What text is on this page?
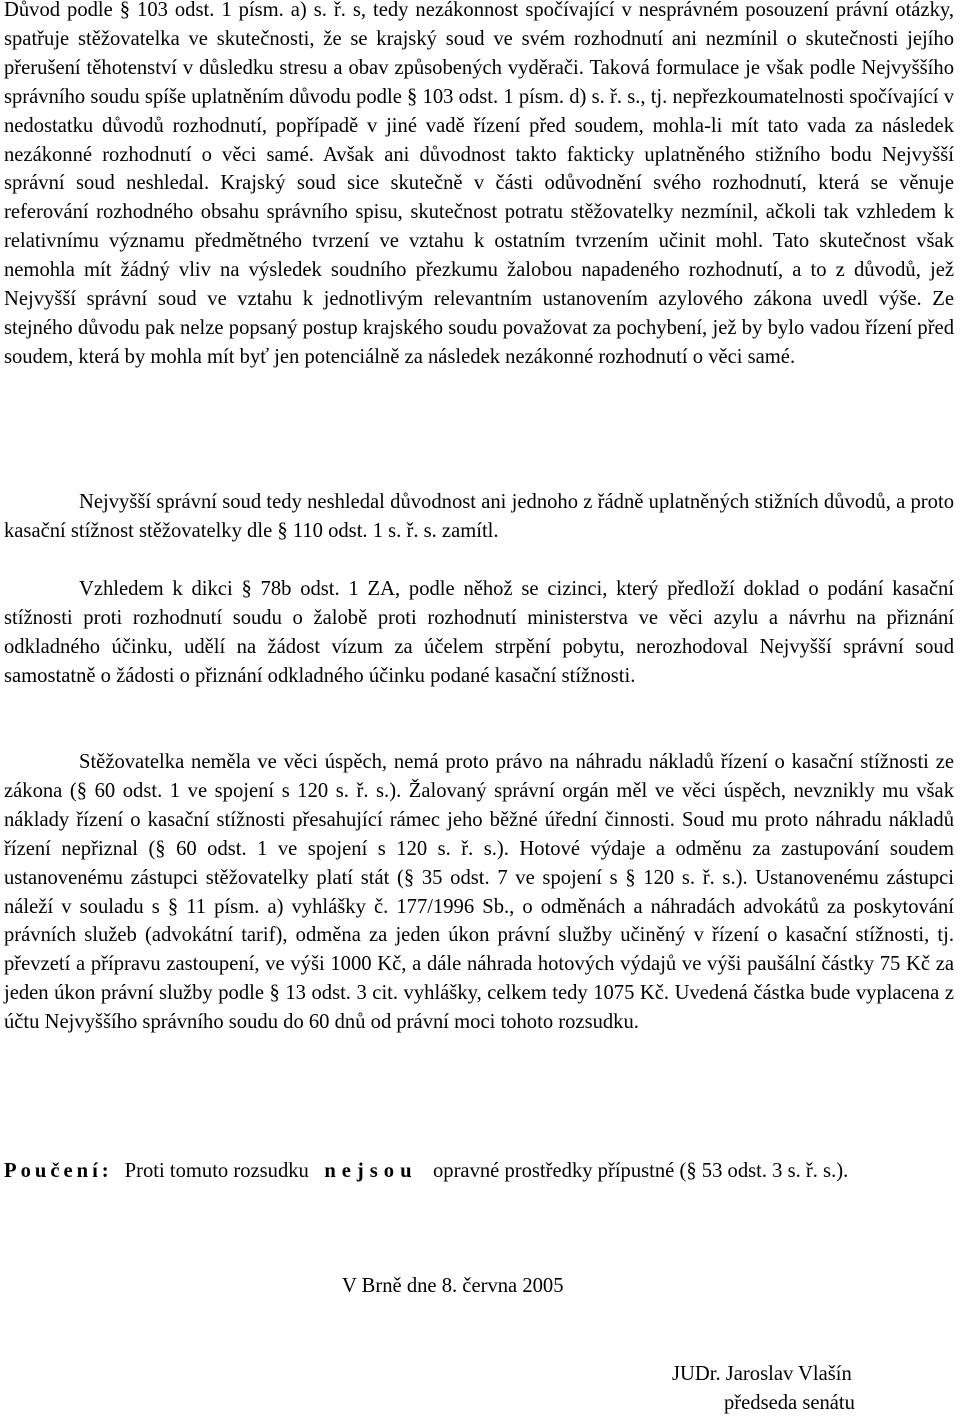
Důvod podle § 103 odst. 1 písm. a) s. ř. s, tedy nezákonnost spočívající v nesprávném posouzení právní otázky, spatřuje stěžovatelka ve skutečnosti, že se krajský soud ve svém rozhodnutí ani nezmínil o skutečnosti jejího přerušení těhotenství v důsledku stresu a obav způsobených vyděrači. Taková formulace je však podle Nejvyššího správního soudu spíše uplatněním důvodu podle § 103 odst. 1 písm. d) s. ř. s., tj. nepřezkoumatelnosti spočívající v nedostatku důvodů rozhodnutí, popřípadě v jiné vadě řízení před soudem, mohla-li mít tato vada za následek nezákonné rozhodnutí o věci samé. Avšak ani důvodnost takto fakticky uplatněného stižního bodu Nejvyšší správní soud neshledal. Krajský soud sice skutečně v části odůvodnění svého rozhodnutí, která se věnuje referování rozhodného obsahu správního spisu, skutečnost potratu stěžovatelky nezmínil, ačkoli tak vzhledem k relativnímu významu předmětného tvrzení ve vztahu k ostatním tvrzením učinit mohl. Tato skutečnost však nemohla mít žádný vliv na výsledek soudního přezkumu žalobou napadeného rozhodnutí, a to z důvodů, jež Nejvyšší správní soud ve vztahu k jednotlivým relevantním ustanovením azylového zákona uvedl výše. Ze stejného důvodu pak nelze popsaný postup krajského soudu považovat za pochybení, jež by bylo vadou řízení před soudem, která by mohla mít byť jen potenciálně za následek nezákonné rozhodnutí o věci samé.

Nejvyšší správní soud tedy neshledal důvodnost ani jednoho z řádně uplatněných stižních důvodů, a proto kasační stížnost stěžovatelky dle § 110 odst. 1 s. ř. s. zamítl.

Vzhledem k dikci § 78b odst. 1 ZA, podle něhož se cizinci, který předloží doklad o podání kasační stížnosti proti rozhodnutí soudu o žalobě proti rozhodnutí ministerstva ve věci azylu a návrhu na přiznání odkladného účinku, udělí na žádost vízum za účelem strpění pobytu, nerozhodoval Nejvyšší správní soud samostatně o žádosti o přiznání odkladného účinku podané kasační stížnosti.

Stěžovatelka neměla ve věci úspěch, nemá proto právo na náhradu nákladů řízení o kasační stížnosti ze zákona (§ 60 odst. 1 ve spojení s 120 s. ř. s.). Žalovaný správní orgán měl ve věci úspěch, nevznikly mu však náklady řízení o kasační stížnosti přesahující rámec jeho běžné úřední činnosti. Soud mu proto náhradu nákladů řízení nepřiznal (§ 60 odst. 1 ve spojení s 120 s. ř. s.). Hotové výdaje a odměnu za zastupování soudem ustanovenému zástupci stěžovatelky platí stát (§ 35 odst. 7 ve spojení s § 120 s. ř. s.). Ustanovenému zástupci náleží v souladu s § 11 písm. a) vyhlášky č. 177/1996 Sb., o odměnách a náhradách advokátů za poskytování právních služeb (advokátní tarif), odměna za jeden úkon právní služby učiněný v řízení o kasační stížnosti, tj. převzetí a přípravu zastoupení, ve výši 1000 Kč, a dále náhrada hotových výdajů ve výši paušální částky 75 Kč za jeden úkon právní služby podle § 13 odst. 3 cit. vyhlášky, celkem tedy 1075 Kč. Uvedená částka bude vyplacena z účtu Nejvyššího správního soudu do 60 dnů od právní moci tohoto rozsudku.

Poučení: Proti tomuto rozsudku nejsou opravné prostředky přípustné (§ 53 odst. 3 s. ř. s.).
V Brně dne 8. června 2005
JUDr. Jaroslav Vlašín
předseda senátu
